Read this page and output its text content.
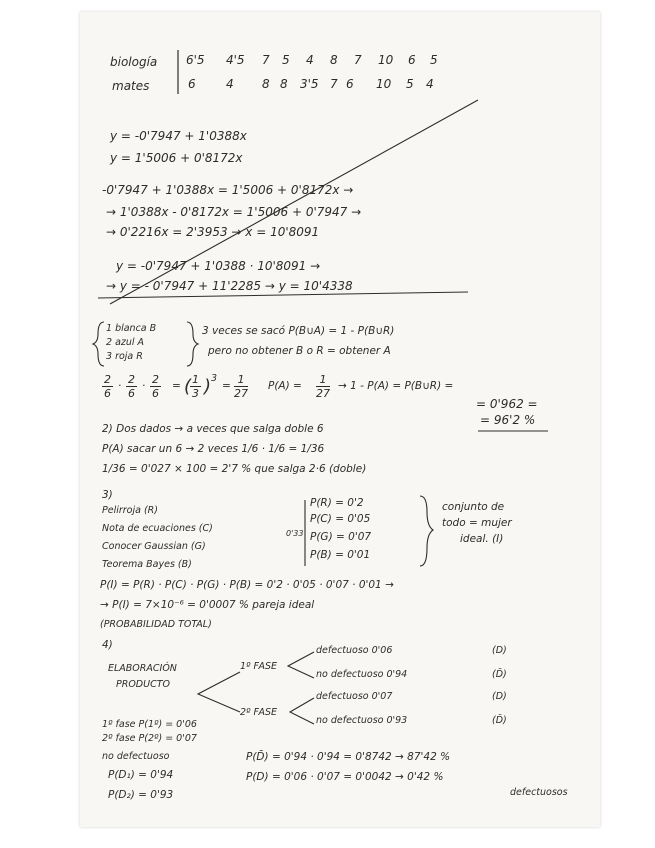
biología 6'5 4'5 7 5 4 8 7 10 6 5
mates	6	4 8 8 3'5 7 6 10 5 4
y = -0'7947 + 1'0388x
y = 1'5006 + 0'8172x
-0'7947 + 1'0388x = 1'5006 + 0'8172x →
→ 1'0388x - 0'8172x = 1'5006 + 0'7947 →
→ 0'2216x = 2'3953 → x = 10'8091
y = -0'7947 + 1'0388 · 10'8091 →
→ y = - 0'7947 + 11'2285 → y = 10'4338
1 blanca B
2 azul A
3 roja R
3 veces se sacó P(B∪A) = 1 - P(B∪R)
pero no obtener B o R = obtener A
$\frac{2}{6} \cdot \frac{2}{6} \cdot \frac{2}{6}$ = (
$\frac{1}{3}$ ) 3
= $\frac{1}{27} P(A) = \frac{1}{27} \to 1 - P(A)$ = P(B∪R) =
= 0'962 =
= 96'2 %
2) Dos dados → a veces que salga doble 6
P(A) sacar un 6 → 2 veces 1/6 · 1/6 = 1/36
1/36 = 0'027 × 100 = 2'7 % que salga 2·6 (doble)
3)
Pelirroja (R)
Nota de ecuaciones (C)
Conocer Gaussian (G)
Teorema Bayes (B)
0'33
P(R) = 0'2
P(C) = 0'05
P(G) = 0'07
P(B) = 0'01
conjunto de
todo = mujer
ideal. (I)
P(I) = P(R) · P(C) · P(G) · P(B) = 0'2 · 0'05 · 0'07 · 0'01 →
→ P(I) = 7×10⁻⁶ = 0'0007 % pareja ideal
(PROBABILIDAD TOTAL)
4)
ELABORACIÓN
PRODUCTO
1º FASE
2º FASE
defectuoso 0'06	(D)
no defectuoso 0'94	(D̄)
defectuoso 0'07	(D)
no defectuoso 0'93	(D̄)
1º fase P(1º) = 0'06
2º fase P(2º) = 0'07
no defectuoso
P(D₁) = 0'94
P(D₂) = 0'93
P(D̄) = 0'94 · 0'94 = 0'8742 → 87'42 %
P(D) = 0'06 · 0'07 = 0'0042 → 0'42 %
defectuosos
